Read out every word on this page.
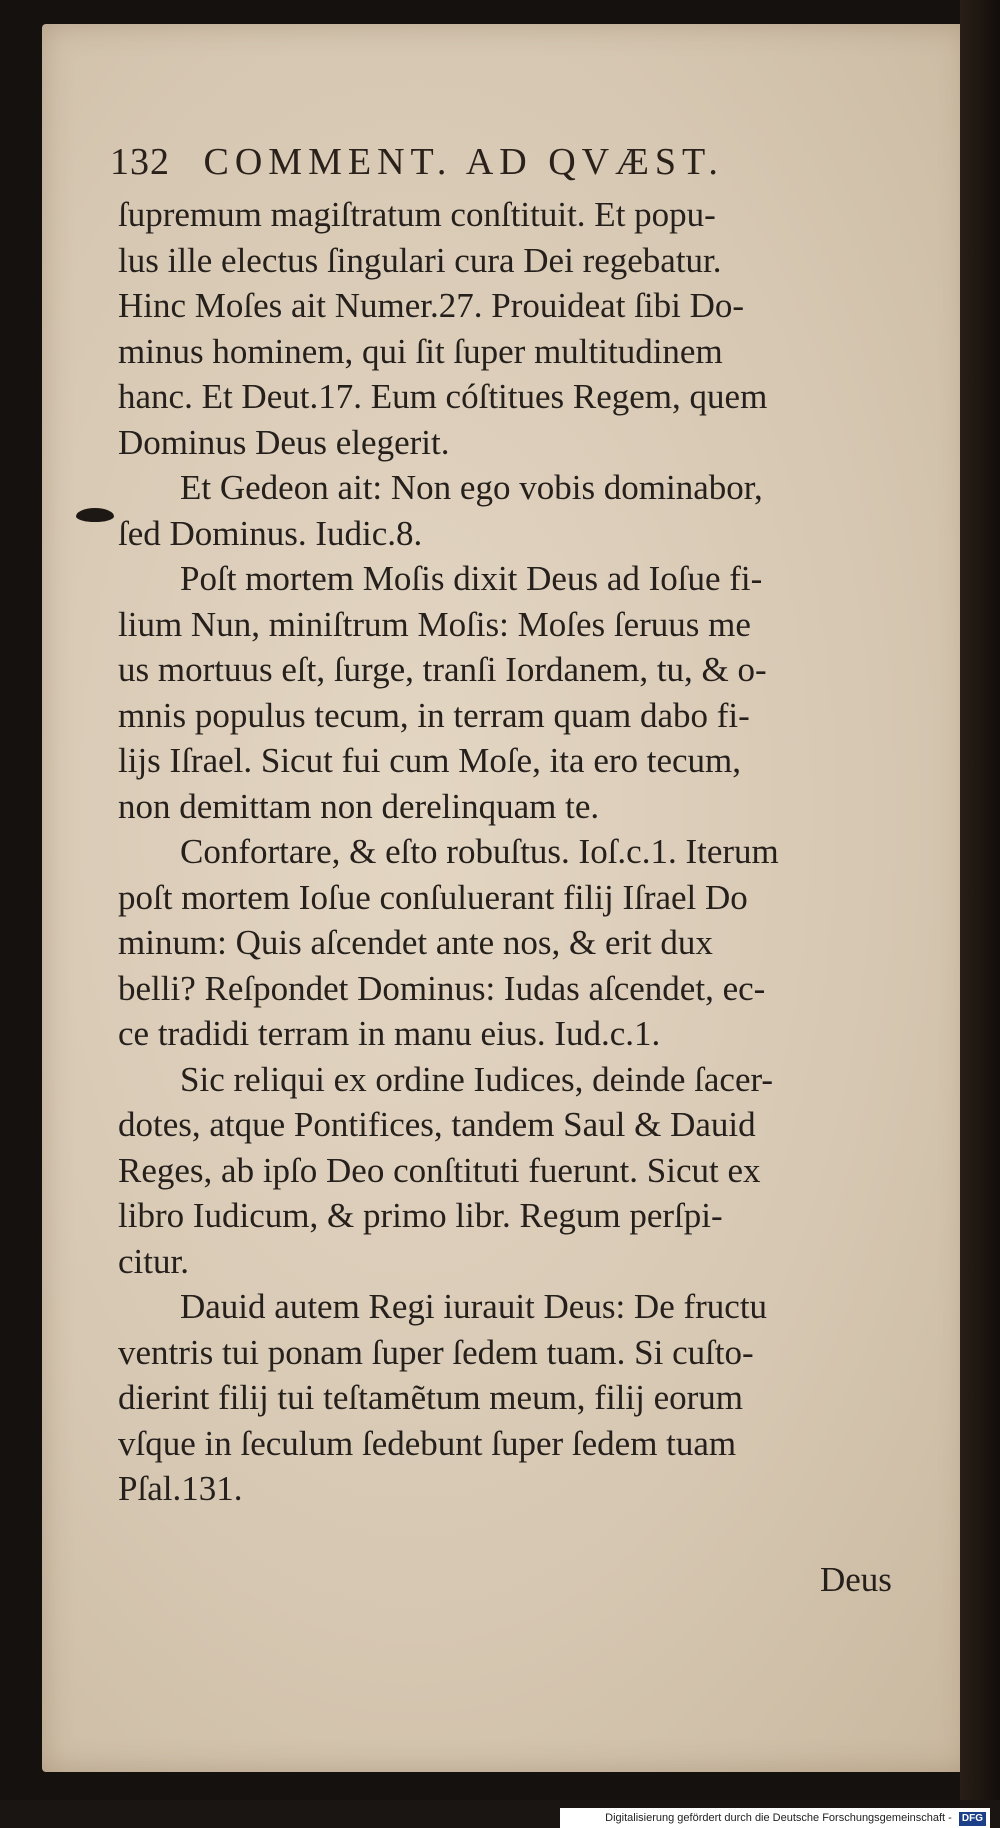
132 COMMENT. AD QVÆST.
ſupremum magiſtratum conſtituit. Et popu-
lus ille electus ſingulari cura Dei regebatur.
Hinc Moſes ait Numer.27. Prouideat ſibi Do-
minus hominem, qui ſit ſuper multitudinem
hanc. Et Deut.17. Eum cóſtitues Regem, quem
Dominus Deus elegerit.
Et Gedeon ait: Non ego vobis dominabor,
ſed Dominus. Iudic.8.
Poſt mortem Moſis dixit Deus ad Ioſue fi-
lium Nun, miniſtrum Moſis: Moſes ſeruus me
us mortuus eſt, ſurge, tranſi Iordanem, tu, & o-
mnis populus tecum, in terram quam dabo fi-
lijs Iſrael. Sicut fui cum Moſe, ita ero tecum,
non demittam non derelinquam te.
Confortare, & eſto robuſtus. Ioſ.c.1. Iterum
poſt mortem Ioſue conſuluerant filij Iſrael Do
minum: Quis aſcendet ante nos, & erit dux
belli? Reſpondet Dominus: Iudas aſcendet, ec-
ce tradidi terram in manu eius. Iud.c.1.
Sic reliqui ex ordine Iudices, deinde ſacer-
dotes, atque Pontifices, tandem Saul & Dauid
Reges, ab ipſo Deo conſtituti fuerunt. Sicut ex
libro Iudicum, & primo libr. Regum perſpi-
citur.
Dauid autem Regi iurauit Deus: De fructu
ventris tui ponam ſuper ſedem tuam. Si cuſto-
dierint filij tui teſtamẽtum meum, filij eorum
vſque in ſeculum ſedebunt ſuper ſedem tuam
Pſal.131.
Deus
Digitalisierung gefördert durch die Deutsche Forschungsgemeinschaft - DFG
